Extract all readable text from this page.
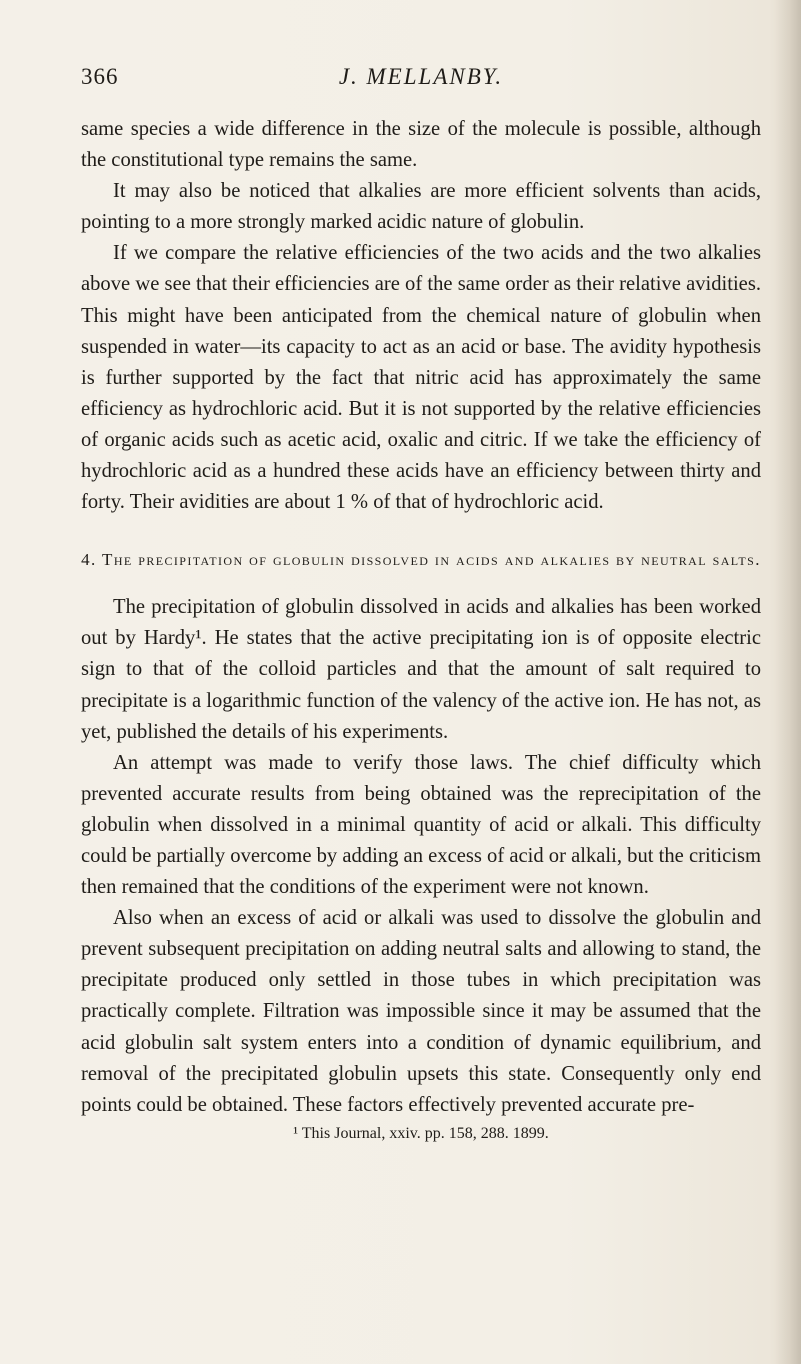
366	J. MELLANBY.

same species a wide difference in the size of the molecule is possible, although the constitutional type remains the same.

It may also be noticed that alkalies are more efficient solvents than acids, pointing to a more strongly marked acidic nature of globulin.

If we compare the relative efficiencies of the two acids and the two alkalies above we see that their efficiencies are of the same order as their relative avidities. This might have been anticipated from the chemical nature of globulin when suspended in water—its capacity to act as an acid or base. The avidity hypothesis is further supported by the fact that nitric acid has approximately the same efficiency as hydrochloric acid. But it is not supported by the relative efficiencies of organic acids such as acetic acid, oxalic and citric. If we take the efficiency of hydrochloric acid as a hundred these acids have an efficiency between thirty and forty. Their avidities are about 1 % of that of hydrochloric acid.

4. The precipitation of globulin dissolved in acids and alkalies by neutral salts.

The precipitation of globulin dissolved in acids and alkalies has been worked out by Hardy¹. He states that the active precipitating ion is of opposite electric sign to that of the colloid particles and that the amount of salt required to precipitate is a logarithmic function of the valency of the active ion. He has not, as yet, published the details of his experiments.

An attempt was made to verify those laws. The chief difficulty which prevented accurate results from being obtained was the reprecipitation of the globulin when dissolved in a minimal quantity of acid or alkali. This difficulty could be partially overcome by adding an excess of acid or alkali, but the criticism then remained that the conditions of the experiment were not known.

Also when an excess of acid or alkali was used to dissolve the globulin and prevent subsequent precipitation on adding neutral salts and allowing to stand, the precipitate produced only settled in those tubes in which precipitation was practically complete. Filtration was impossible since it may be assumed that the acid globulin salt system enters into a condition of dynamic equilibrium, and removal of the precipitated globulin upsets this state. Consequently only end points could be obtained. These factors effectively prevented accurate pre-

¹ This Journal, xxiv. pp. 158, 288. 1899.
